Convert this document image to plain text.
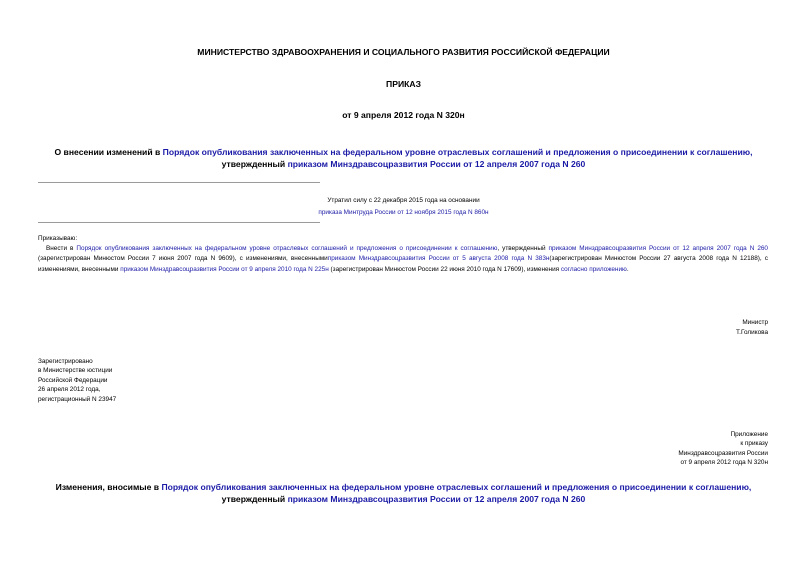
МИНИСТЕРСТВО ЗДРАВООХРАНЕНИЯ И СОЦИАЛЬНОГО РАЗВИТИЯ РОССИЙСКОЙ ФЕДЕРАЦИИ
ПРИКАЗ
от 9 апреля 2012 года N 320н
О внесении изменений в Порядок опубликования заключенных на федеральном уровне отраслевых соглашений и предложения о присоединении к соглашению,
утвержденный приказом Минздравсоцразвития России от 12 апреля 2007 года N 260
Утратил силу с 22 декабря 2015 года на основании
приказа Минтруда России от 12 ноября 2015 года N 860н
Приказываю:
Внести в Порядок опубликования заключенных на федеральном уровне отраслевых соглашений и предложения о присоединении к соглашению, утвержденный приказом Минздравсоцразвития России от 12 апреля 2007 года N 260 (зарегистрирован Минюстом России 7 июня 2007 года N 9609), с изменениями, внесеннымиприказом Минздравсоцразвития России от 5 августа 2008 года N 383н(зарегистрирован Минюстом России 27 августа 2008 года N 12188), с изменениями, внесенными приказом Минздравсоцразвития России от 9 апреля 2010 года N 225н (зарегистрирован Минюстом России 22 июня 2010 года N 17609), изменения согласно приложению.
Министр
Т.Голикова
Зарегистрировано
в Министерстве юстиции
Российской Федерации
26 апреля 2012 года,
регистрационный N 23947
Приложение
к приказу
Минздравсоцразвития России
от 9 апреля 2012 года N 320н
Изменения, вносимые в Порядок опубликования заключенных на федеральном уровне отраслевых соглашений и предложения о присоединении к соглашению,
утвержденный приказом Минздравсоцразвития России от 12 апреля 2007 года N 260
